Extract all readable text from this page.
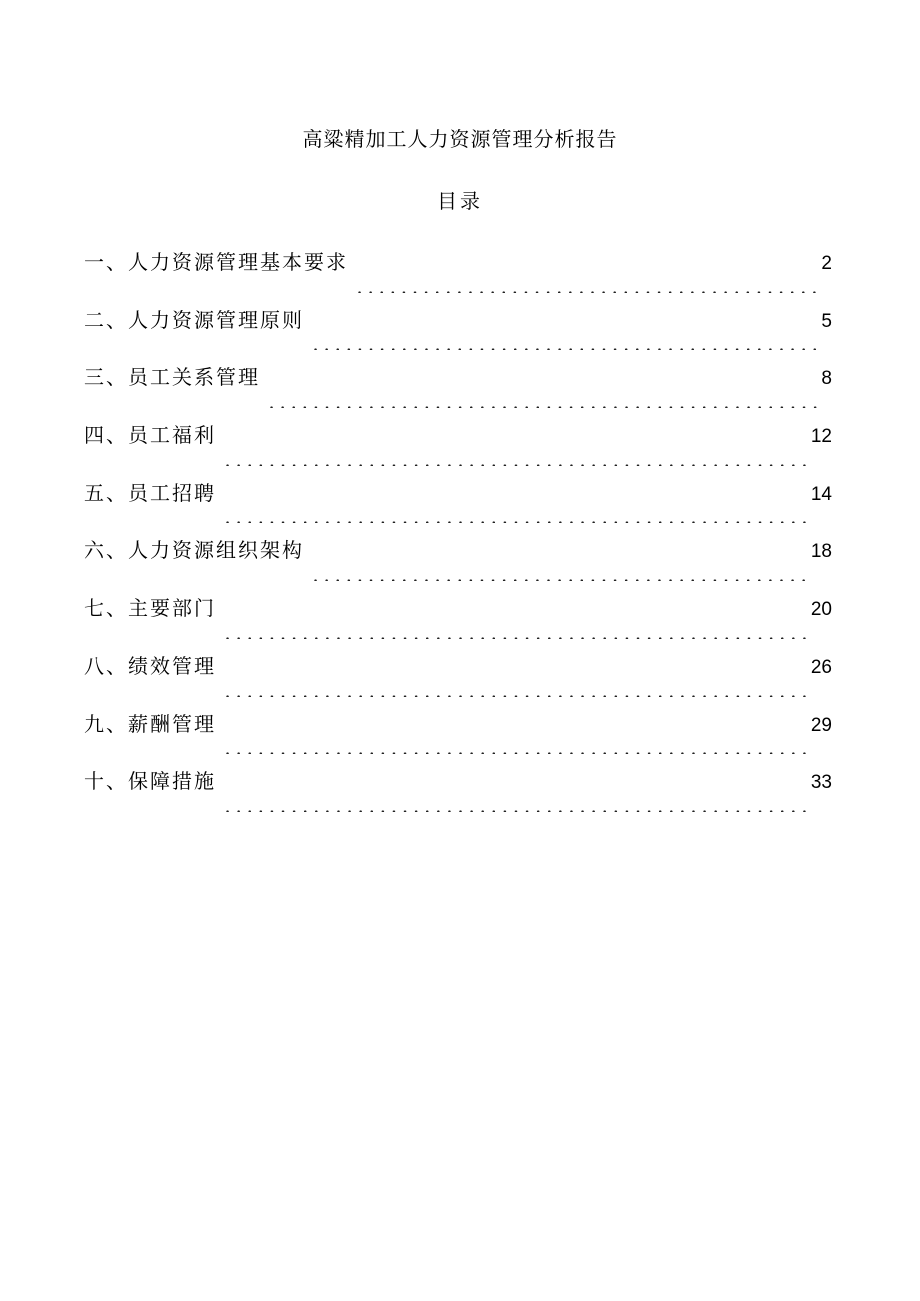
高粱精加工人力资源管理分析报告
目录
一、人力资源管理基本要求	2
二、人力资源管理原则	5
三、员工关系管理	8
四、员工福利	12
五、员工招聘	14
六、人力资源组织架构	18
七、主要部门	20
八、绩效管理	26
九、薪酬管理	29
十、保障措施	33
